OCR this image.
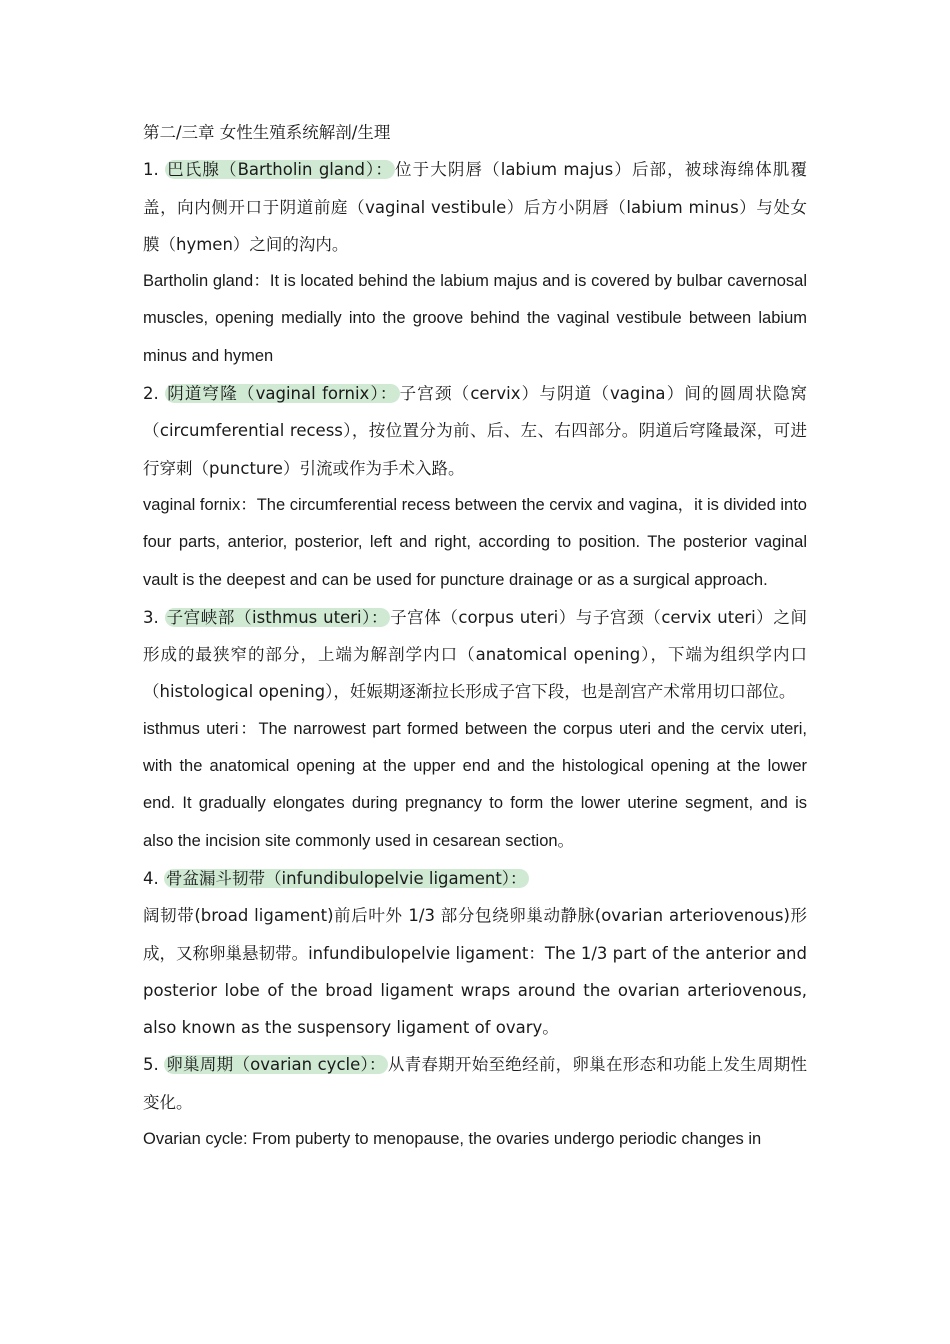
第二/三章 女性生殖系统解剖/生理

1. 巴氏腺（Bartholin gland）： 位于大阴唇（labium majus）后部，被球海绵体肌覆盖，向内侧开口于阴道前庭（vaginal vestibule）后方小阴唇（labium minus）与处女膜（hymen）之间的沟内。

Bartholin gland：It is located behind the labium majus and is covered by bulbar cavernosal muscles, opening medially into the groove behind the vaginal vestibule between labium minus and hymen

2. 阴道穹隆（vaginal fornix）： 子宫颈（cervix）与阴道（vagina）间的圆周状隐窝（circumferential recess），按位置分为前、后、左、右四部分。阴道后穹隆最深，可进行穿刺（puncture）引流或作为手术入路。

vaginal fornix：The circumferential recess between the cervix and vagina，it is divided into four parts, anterior, posterior, left and right, according to position. The posterior vaginal vault is the deepest and can be used for puncture drainage or as a surgical approach.

3. 子宫峡部（isthmus uteri）： 子宫体（corpus uteri）与子宫颈（cervix uteri）之间形成的最狭窄的部分，上端为解剖学内口（anatomical opening），下端为组织学内口（histological opening），妊娠期逐渐拉长形成子宫下段，也是剖宫产术常用切口部位。

isthmus uteri：The narrowest part formed between the corpus uteri and the cervix uteri, with the anatomical opening at the upper end and the histological opening at the lower end. It gradually elongates during pregnancy to form the lower uterine segment, and is also the incision site commonly used in cesarean section。

4. 骨盆漏斗韧带（infundibulopelvie ligament）：

阔韧带(broad ligament)前后叶外 1/3 部分包绕卵巢动静脉(ovarian arteriovenous)形成，又称卵巢悬韧带。infundibulopelvie ligament：The 1/3 part of the anterior and posterior lobe of the broad ligament wraps around the ovarian arteriovenous, also known as the suspensory ligament of ovary。

5. 卵巢周期（ovarian cycle）： 从青春期开始至绝经前，卵巢在形态和功能上发生周期性变化。

Ovarian cycle: From puberty to menopause, the ovaries undergo periodic changes in
